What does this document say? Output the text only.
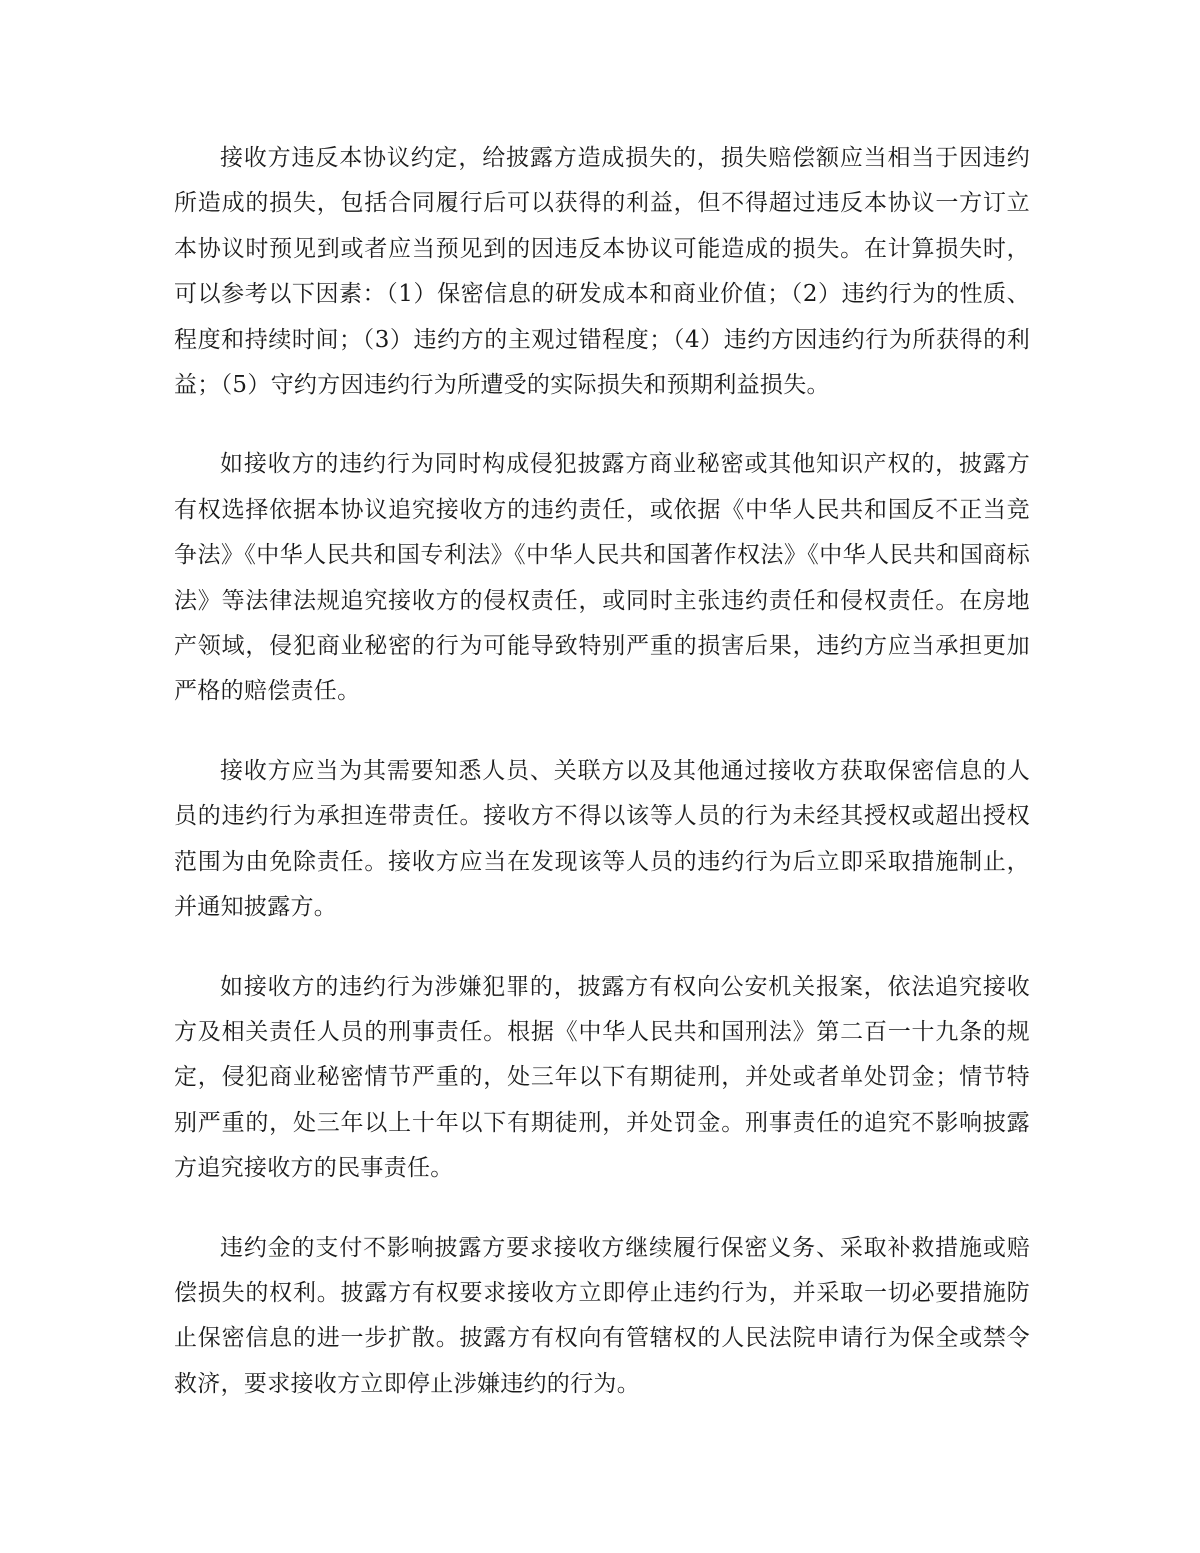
接收方违反本协议约定，给披露方造成损失的，损失赔偿额应当相当于因违约所造成的损失，包括合同履行后可以获得的利益，但不得超过违反本协议一方订立本协议时预见到或者应当预见到的因违反本协议可能造成的损失。在计算损失时，可以参考以下因素：（1）保密信息的研发成本和商业价值；（2）违约行为的性质、程度和持续时间；（3）违约方的主观过错程度；（4）违约方因违约行为所获得的利益；（5）守约方因违约行为所遭受的实际损失和预期利益损失。

如接收方的违约行为同时构成侵犯披露方商业秘密或其他知识产权的，披露方有权选择依据本协议追究接收方的违约责任，或依据《中华人民共和国反不正当竞争法》《中华人民共和国专利法》《中华人民共和国著作权法》《中华人民共和国商标法》等法律法规追究接收方的侵权责任，或同时主张违约责任和侵权责任。在房地产领域，侵犯商业秘密的行为可能导致特别严重的损害后果，违约方应当承担更加严格的赔偿责任。

接收方应当为其需要知悉人员、关联方以及其他通过接收方获取保密信息的人员的违约行为承担连带责任。接收方不得以该等人员的行为未经其授权或超出授权范围为由免除责任。接收方应当在发现该等人员的违约行为后立即采取措施制止，并通知披露方。

如接收方的违约行为涉嫌犯罪的，披露方有权向公安机关报案，依法追究接收方及相关责任人员的刑事责任。根据《中华人民共和国刑法》第二百一十九条的规定，侵犯商业秘密情节严重的，处三年以下有期徒刑，并处或者单处罚金；情节特别严重的，处三年以上十年以下有期徒刑，并处罚金。刑事责任的追究不影响披露方追究接收方的民事责任。

违约金的支付不影响披露方要求接收方继续履行保密义务、采取补救措施或赔偿损失的权利。披露方有权要求接收方立即停止违约行为，并采取一切必要措施防止保密信息的进一步扩散。披露方有权向有管辖权的人民法院申请行为保全或禁令救济，要求接收方立即停止涉嫌违约的行为。
